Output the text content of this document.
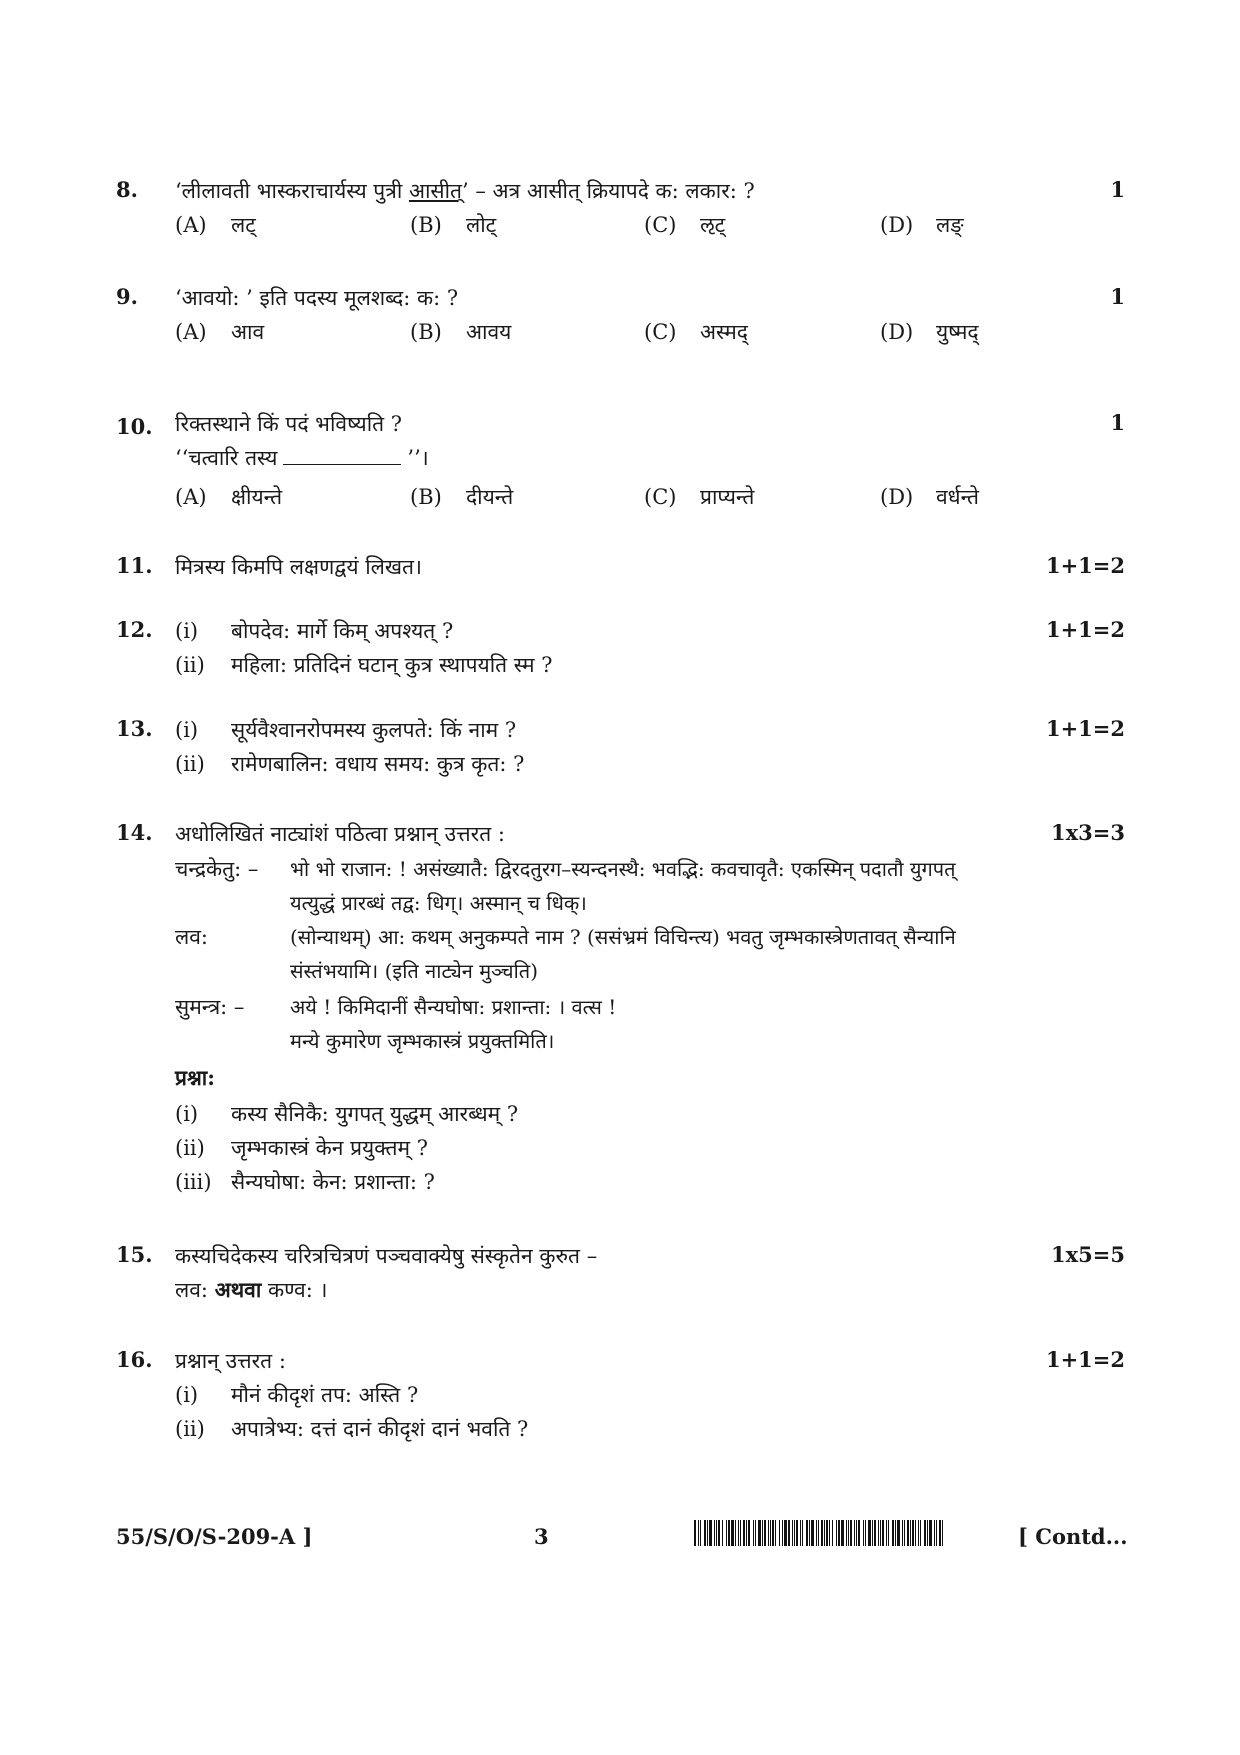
8. ‘लीलावती भास्कराचार्यस्य पुत्री आसीत्’ – अत्र आसीत् क्रियापदे क: लकार: ?	1
(A) लट्	(B) लोट्	(C) ऌट्	(D) लङ्
9. ‘आवयो: ’ इति पदस्य मूलशब्द: क: ?	1
(A) आव	(B) आवय	(C) अस्मद्	(D) युष्मद्
10. रिक्तस्थाने किं पदं भविष्यति ?	1
‘‘चत्वारि तस्य	’’।
(A) क्षीयन्ते	(B) दीयन्ते	(C) प्राप्यन्ते	(D) वर्धन्ते
11. मित्रस्य किमपि लक्षणद्वयं लिखत।	1+1=2
12.	1+1=2
(i) बोपदेव: मार्गे किम् अपश्यत् ?
(ii) महिला: प्रतिदिनं घटान् कुत्र स्थापयति स्म ?
13.	1+1=2
(i) सूर्यवैश्वानरोपमस्य कुलपते: किं नाम ?
(ii) रामेणबालिन: वधाय समय: कुत्र कृत: ?
14. अधोलिखितं नाट्यांशं पठित्वा प्रश्नान् उत्तरत :	1x3=3
चन्द्रकेतु: – भो भो राजान: ! असंख्यातै: द्विरदतुरग–स्यन्दनस्थै: भवद्भि: कवचावृतै: एकस्मिन् पदातौ युगपत्
यत्युद्धं प्रारब्धं तद्व: धिग्। अस्मान् च धिक्।
लव:	(सोन्याथम्) आ: कथम् अनुकम्पते नाम ? (ससंभ्रमं विचिन्त्य) भवतु जृम्भकास्त्रेणतावत् सैन्यानि
संस्तंभयामि। (इति नाट्येन मुञ्चति)
सुमन्त्र: – अये ! किमिदानीं सैन्यघोषा: प्रशान्ता: । वत्स !
मन्ये कुमारेण जृम्भकास्त्रं प्रयुक्तमिति।
प्रश्ना:
(i) कस्य सैनिकै: युगपत् युद्धम् आरब्धम् ?
(ii) जृम्भकास्त्रं केन प्रयुक्तम् ?
(iii) सैन्यघोषा: केन: प्रशान्ता: ?
15. कस्यचिदेकस्य चरित्रचित्रणं पञ्चवाक्येषु संस्कृतेन कुरुत –	1x5=5
लव: अथवा कण्व: ।
16. प्रश्नान् उत्तरत :	1+1=2
(i) मौनं कीदृशं तप: अस्ति ?
(ii) अपात्रेभ्य: दत्तं दानं कीदृशं दानं भवति ?
55/S/O/S-209-A ]	3	[ Contd...
